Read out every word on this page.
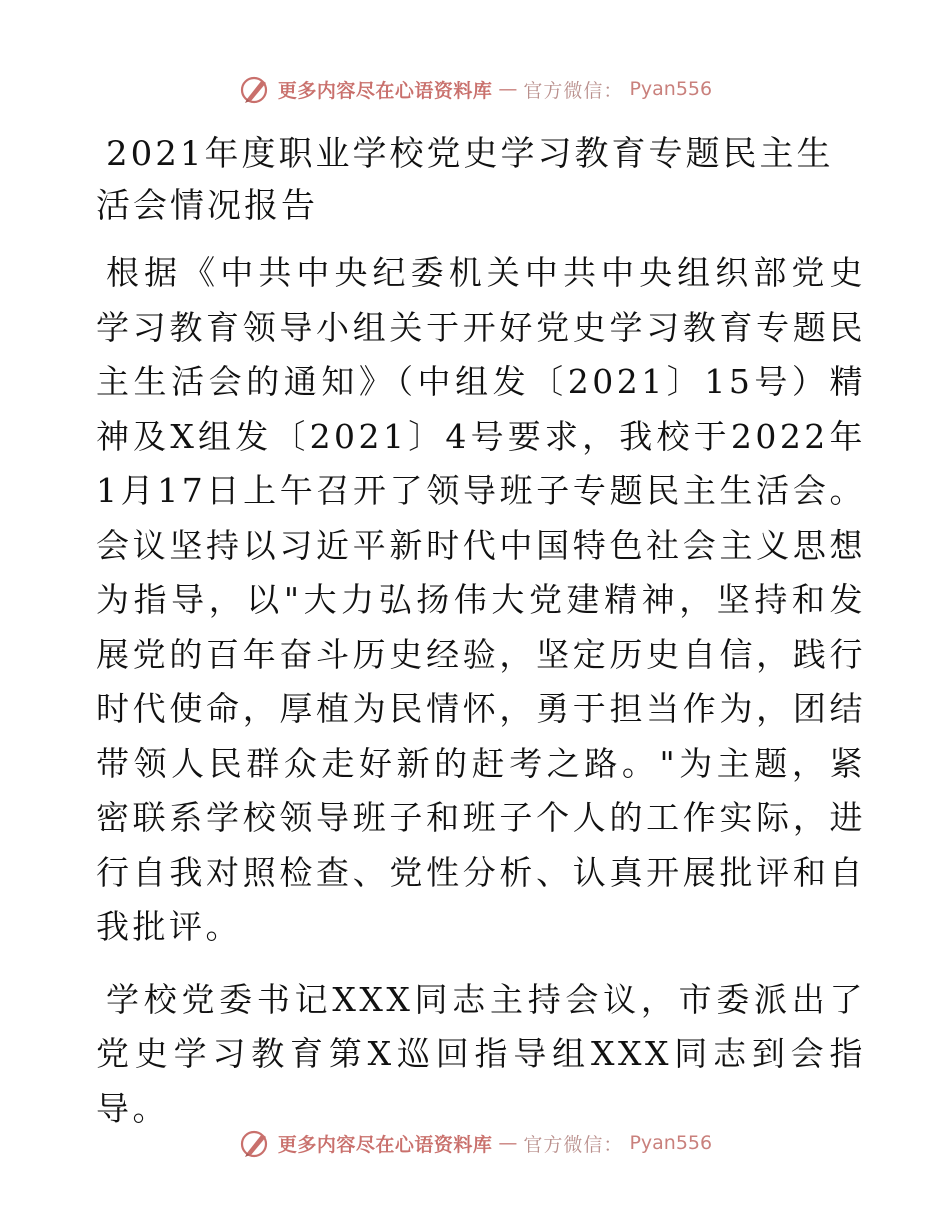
更多内容尽在心语资料库 — 官方微信： Pyan556
2021年度职业学校党史学习教育专题民主生活会情况报告

根据《中共中央纪委机关中共中央组织部党史学习教育领导小组关于开好党史学习教育专题民主生活会的通知》（中组发〔2021〕15号）精神及X组发〔2021〕4号要求，我校于2022年1月17日上午召开了领导班子专题民主生活会。会议坚持以习近平新时代中国特色社会主义思想为指导，以"大力弘扬伟大党建精神，坚持和发展党的百年奋斗历史经验，坚定历史自信，践行时代使命，厚植为民情怀，勇于担当作为，团结带领人民群众走好新的赶考之路。"为主题，紧密联系学校领导班子和班子个人的工作实际，进行自我对照检查、党性分析、认真开展批评和自我批评。

学校党委书记XXX同志主持会议，市委派出了党史学习教育第X巡回指导组XXX同志到会指导。

更多内容尽在心语资料库 — 官方微信： Pyan556
